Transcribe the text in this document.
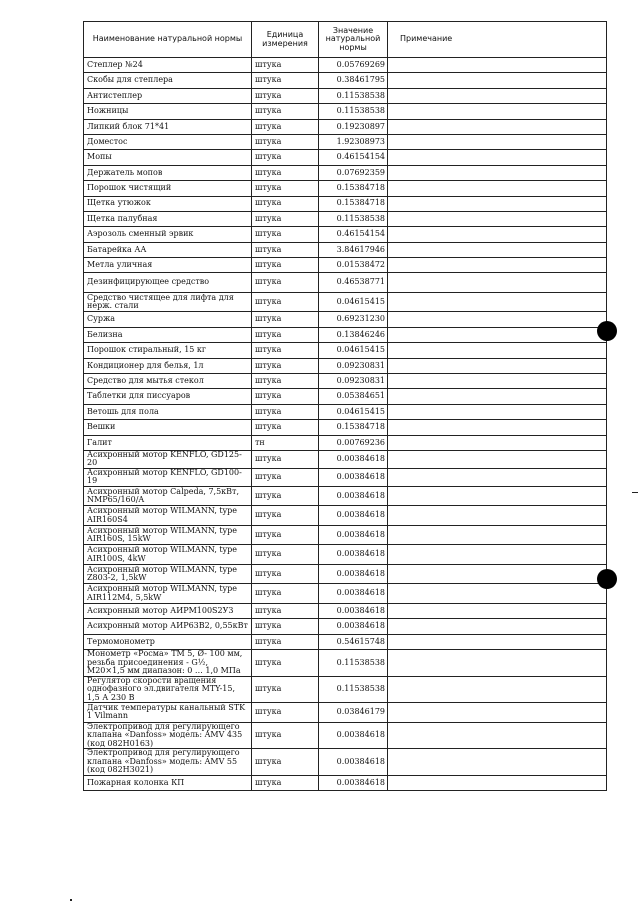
Наименование натуральной нормы	Единица измерения	Значение натуральной нормы	Примечание
Степлер №24	штука	0.05769269	
Скобы для степлера	штука	0.38461795	
Антистеплер	штука	0.11538538	
Ножницы	штука	0.11538538	
Липкий блок 71*41	штука	0.19230897	
Доместос	штука	1.92308973	
Мопы	штука	0.46154154	
Держатель мопов	штука	0.07692359	
Порошок чистящий	штука	0.15384718	
Щетка утюжок	штука	0.15384718	
Щетка палубная	штука	0.11538538	
Аэрозоль сменный эрвик	штука	0.46154154	
Батарейка АА	штука	3.84617946	
Метла уличная	штука	0.01538472	
Дезинфицирующее средство	штука	0.46538771	
Средство чистящее для лифта для нерж. стали	штука	0.04615415	
Суржа	штука	0.69231230	
Белизна	штука	0.13846246	
Порошок стиральный, 15 кг	штука	0.04615415	
Кондиционер для белья, 1л	штука	0.09230831	
Средство для мытья стекол	штука	0.09230831	
Таблетки для писсуаров	штука	0.05384651	
Ветошь для пола	штука	0.04615415	
Вешки	штука	0.15384718	
Галит	тн	0.00769236	
Асихронный мотор KENFLO, GD125-20	штука	0.00384618	
Асихронный мотор KENFLO, GD100-19	штука	0.00384618	
Асихронный мотор Calpeda, 7,5кВт, NMP65/160/A	штука	0.00384618	
Асихронный мотор WILMANN, type AIR160S4	штука	0.00384618	
Асихронный мотор WILMANN, type AIR160S, 15kW	штука	0.00384618	
Асихронный мотор WILMANN, type AIR100S, 4kW	штука	0.00384618	
Асихронный мотор WILMANN, type Z803-2, 1,5kW	штука	0.00384618	
Асихронный мотор WILMANN, type AIR112M4, 5,5kW	штука	0.00384618	
Асихронный мотор АИРМ100S2У3	штука	0.00384618	
Асихронный мотор АИР63В2, 0,55кВт	штука	0.00384618	
Термомонометр	штука	0.54615748	
Монометр «Росма» ТМ 5, Ø- 100 мм, резьба присоединения - G½, M20×1,5 мм диапазон: 0 … 1,0 МПа	штука	0.11538538	
Регулятор скорости вращения однофазного эл.двигателя MTY-15, 1,5 А 230 В	штука	0.11538538	
Датчик температуры канальный STK 1 Vilmann	штука	0.03846179	
Электропривод для регулирующего клапана «Danfoss» модель: AMV 435 (код 082H0163)	штука	0.00384618	
Электропривод для регулирующего клапана «Danfoss» модель: AMV 55 (код 082H3021)	штука	0.00384618	
Пожарная колонка КП	штука	0.00384618	
